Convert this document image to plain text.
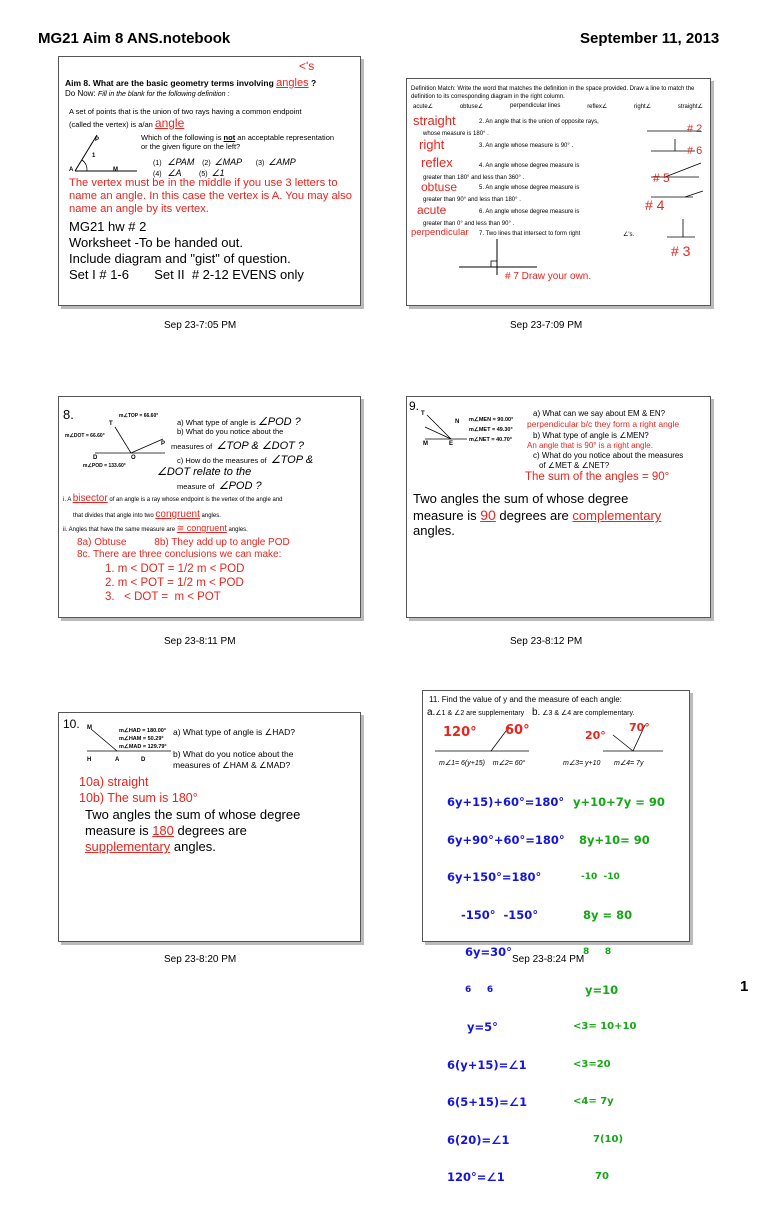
MG21 Aim 8 ANS.notebook	September 11, 2013
<'s
Aim 8. What are the basic geometry terms involving angles ?
Do Now: Fill in the blank for the following definition :
A set of points that is the union of two rays having a common endpoint
(called the vertex) is a/an angle
P
1
A	M
Which of the following is not an acceptable representation
or the given figure on the left?
(1) ∠PAM (2) ∠MAP (3) ∠AMP
(4) ∠A	(5) ∠1
The vertex must be in the middle if you use 3 letters to name an angle. In this case the vertex is A. You may also name an angle by its vertex.
MG21 hw # 2
Worksheet -To be handed out.
Include diagram and "gist" of question.
Set I # 1-6       Set II  # 2-12 EVENS only
Sep 23-7:05 PM
Definition Match: Write the word that matches the definition in the space provided. Draw a line to match the definition to its corresponding diagram in the right column.
acute∠	obtuse∠	perpendicular lines	reflex∠	right∠	straight∠
straight	2. An angle that is the union of opposite rays,
whose measure is 180° .
right	3. An angle whose measure is 90° .
reflex	4. An angle whose degree measure is
greater than 180° and less than 360° .
obtuse	5. An angle whose degree measure is
greater than 90° and less than 180° .
acute	6. An angle whose degree measure is
greater than 0° and less than 90° .
perpendicular 7. Two lines that intersect to form right	∠'s.
# 2
# 6
# 5
# 4
# 3
# 7 Draw your own.
Sep 23-7:09 PM
8.	m∠TOP = 66.60°
m∠DOT = 66.60°
m∠POD = 133.60°
T
P
D	O
a) What type of angle is ∠POD ?
b) What do you notice about the
measures of ∠TOP & ∠DOT ?
c) How do the measures of ∠TOP &
∠DOT relate to the
measure of ∠POD ?
i. A bisector of an angle is a ray whose endpoint is the vertex of the angle and
that divides that angle into two congruent angles.
ii. Angles that have the same measure are ≅ congruent angles.
8a) Obtuse          8b) They add up to angle POD
8c. There are three conclusions we can make:
1. m < DOT = 1/2 m < POD
2. m < POT = 1/2 m < POD
3.   < DOT =  m < POT
Sep 23-8:11 PM
9.
T
N
M	E
m∠MEN = 90.00°
m∠MET = 49.30°
m∠NET = 40.70°
a) What can we say about EM & EN?
perpendicular b/c they form a right angle
b) What type of angle is ∠MEN?
An angle that is 90° is a right angle.
c) What do you notice about the measures
of ∠MET & ∠NET?
The sum of the angles = 90°
Two angles the sum of whose degree
measure is 90 degrees are complementary
angles.
Sep 23-8:12 PM
10. M
H	A	D
m∠HAD = 180.00°
m∠HAM = 50.29°
m∠MAD = 129.79°
a) What type of angle is ∠HAD?
b) What do you notice about the
measures of ∠HAM & ∠MAD?
10a) straight
10b) The sum is 180°
Two angles the sum of whose degree
measure is 180 degrees are
supplementary angles.
Sep 23-8:20 PM
11. Find the value of y and the measure of each angle:
a.∠1 & ∠2 are supplementary b. ∠3 & ∠4 are complementary.
120° 60°	20°
70°
m∠1= 6(y+15)    m∠2= 60°	m∠3= y+10       m∠4= 7y

6y+15)+60°=180°

6y+90°+60°=180°

6y+150°=180°

-150°  -150°

6y=30°

6     6

y=5°

6(y+15)=∠1

6(5+15)=∠1

6(20)=∠1

120°=∠1

y+10+7y = 90

8y+10= 90

-10  -10

8y = 80

8     8

y=10

<3= 10+10

<3=20

<4= 7y

7(10)

70

Sep 23-8:24 PM
1
